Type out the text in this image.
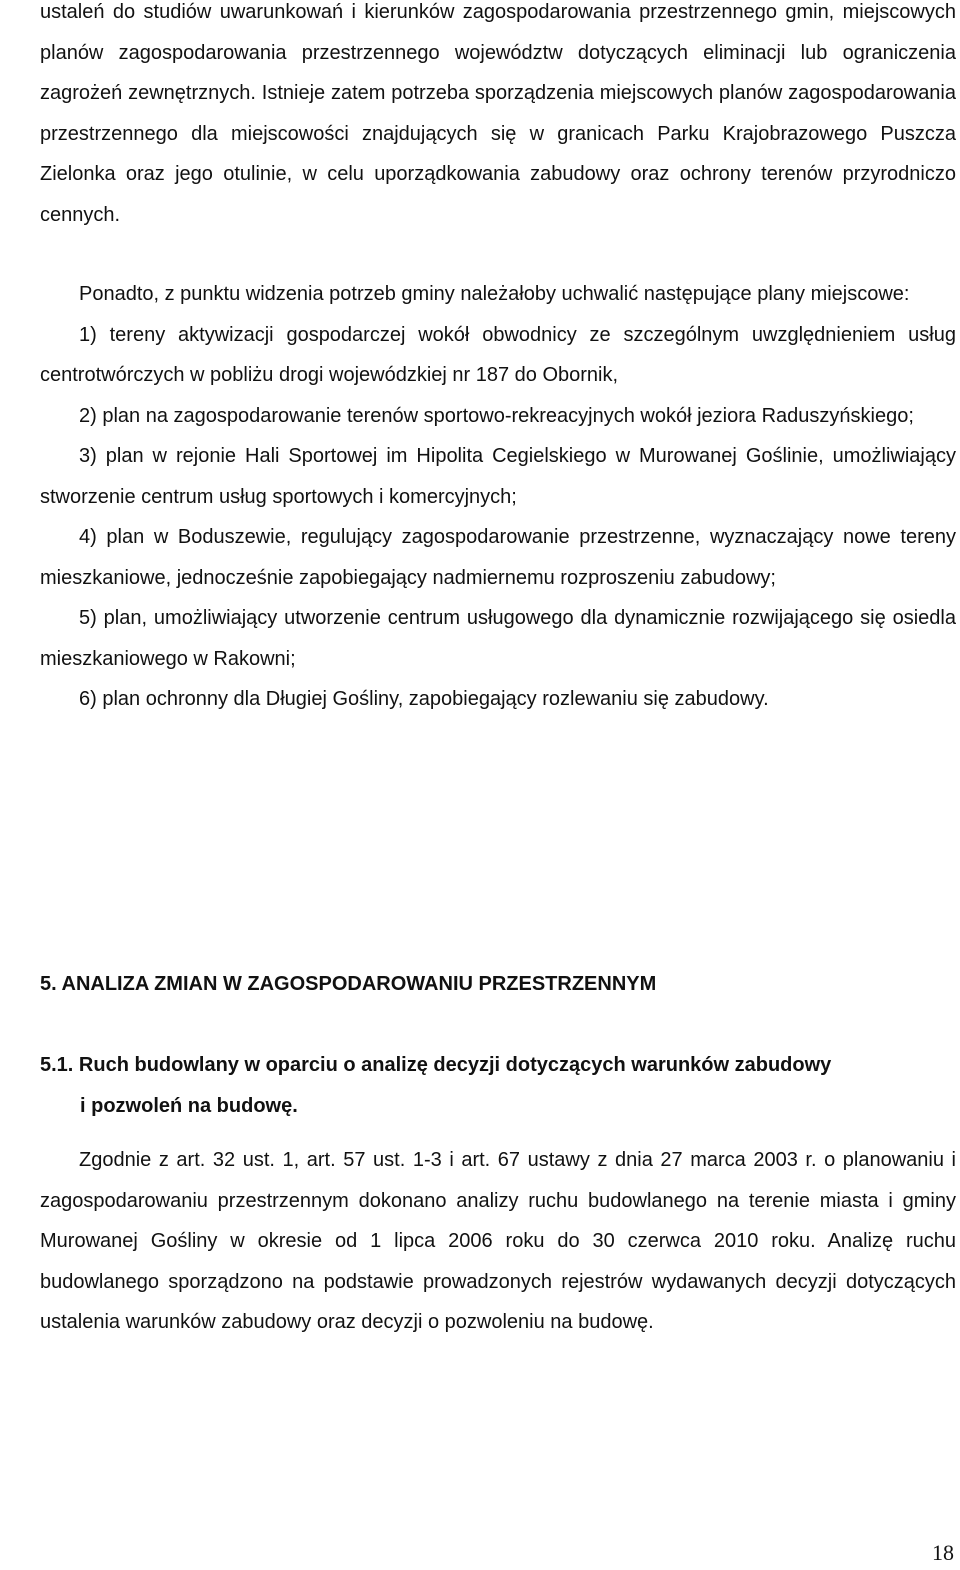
ustaleń do studiów uwarunkowań i kierunków zagospodarowania przestrzennego gmin, miejscowych planów zagospodarowania przestrzennego województw dotyczących eliminacji lub ograniczenia zagrożeń zewnętrznych. Istnieje zatem potrzeba sporządzenia miejscowych planów zagospodarowania przestrzennego dla miejscowości znajdujących się w granicach Parku Krajobrazowego Puszcza Zielonka oraz jego otulinie, w celu uporządkowania zabudowy oraz ochrony terenów przyrodniczo cennych.

Ponadto, z punktu widzenia potrzeb gminy należałoby uchwalić następujące plany miejscowe:

1) tereny aktywizacji gospodarczej wokół obwodnicy ze szczególnym uwzględnieniem usług centrotwórczych w pobliżu drogi wojewódzkiej nr 187 do Obornik,

2) plan na zagospodarowanie terenów sportowo-rekreacyjnych wokół jeziora Raduszyńskiego;

3) plan w rejonie Hali Sportowej im Hipolita Cegielskiego w Murowanej Goślinie, umożliwiający stworzenie centrum usług sportowych i komercyjnych;

4) plan w Boduszewie, regulujący zagospodarowanie przestrzenne, wyznaczający nowe tereny mieszkaniowe, jednocześnie zapobiegający nadmiernemu rozproszeniu zabudowy;

5) plan, umożliwiający utworzenie centrum usługowego dla dynamicznie rozwijającego się osiedla mieszkaniowego w Rakowni;

6) plan ochronny dla Długiej Gośliny, zapobiegający rozlewaniu się zabudowy.

5. ANALIZA ZMIAN W ZAGOSPODAROWANIU PRZESTRZENNYM
5.1. Ruch budowlany w oparciu o analizę decyzji dotyczących warunków zabudowy
i pozwoleń na budowę.

Zgodnie z art. 32 ust. 1, art. 57 ust. 1-3 i art. 67 ustawy z dnia 27 marca 2003 r. o planowaniu i zagospodarowaniu przestrzennym dokonano analizy ruchu budowlanego na terenie miasta i gminy Murowanej Gośliny w okresie od 1 lipca 2006 roku do 30 czerwca 2010 roku. Analizę ruchu budowlanego sporządzono na podstawie prowadzonych rejestrów wydawanych decyzji dotyczących ustalenia warunków zabudowy oraz decyzji o pozwoleniu na budowę.

18
